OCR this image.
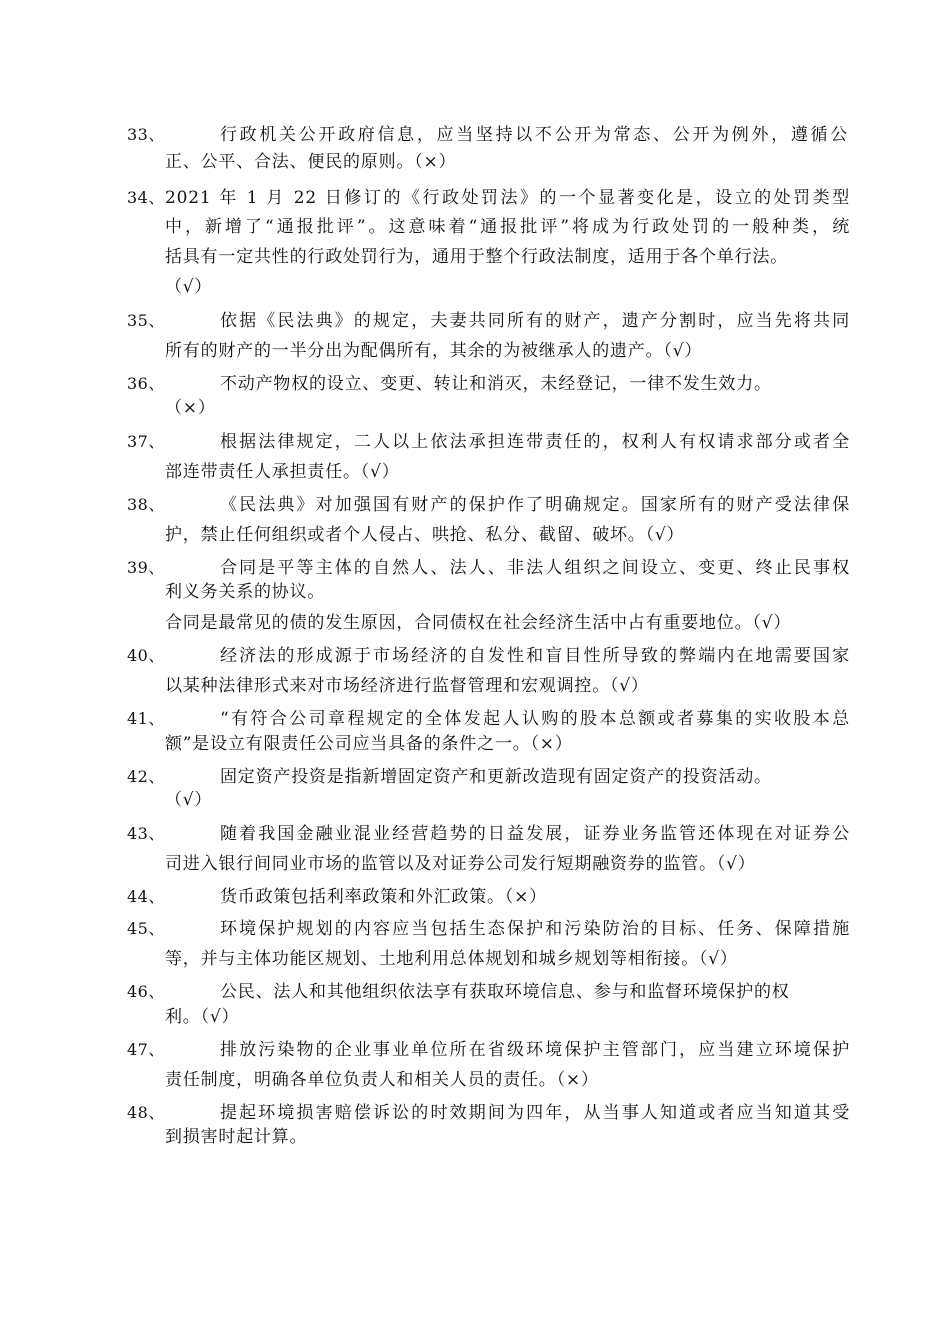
33、	行政机关公开政府信息，应当坚持以不公开为常态、公开为例外，遵循公
正、公平、合法、便民的原则。（×）
34、 2021 年 1 月 22 日修订的《行政处罚法》的一个显著变化是，设立的处罚类型
中，新增了“通报批评”。这意味着“通报批评”将成为行政处罚的一般种类，统
括具有一定共性的行政处罚行为，通用于整个行政法制度，适用于各个单行法。
（√）
35、	依据《民法典》的规定，夫妻共同所有的财产，遗产分割时，应当先将共同
所有的财产的一半分出为配偶所有，其余的为被继承人的遗产。（√）
36、	不动产物权的设立、变更、转让和消灭，未经登记，一律不发生效力。
（×）
37、	根据法律规定，二人以上依法承担连带责任的，权利人有权请求部分或者全
部连带责任人承担责任。（√）
38、	《民法典》对加强国有财产的保护作了明确规定。国家所有的财产受法律保
护，禁止任何组织或者个人侵占、哄抢、私分、截留、破坏。（√）
39、	合同是平等主体的自然人、法人、非法人组织之间设立、变更、终止民事权
利义务关系的协议。
合同是最常见的债的发生原因，合同债权在社会经济生活中占有重要地位。（√）
40、	经济法的形成源于市场经济的自发性和盲目性所导致的弊端内在地需要国家
以某种法律形式来对市场经济进行监督管理和宏观调控。（√）
41、	“有符合公司章程规定的全体发起人认购的股本总额或者募集的实收股本总
额”是设立有限责任公司应当具备的条件之一。（×）
42、	固定资产投资是指新增固定资产和更新改造现有固定资产的投资活动。
（√）
43、	随着我国金融业混业经营趋势的日益发展，证券业务监管还体现在对证券公
司进入银行间同业市场的监管以及对证券公司发行短期融资券的监管。（√）
44、	货币政策包括利率政策和外汇政策。（×）
45、	环境保护规划的内容应当包括生态保护和污染防治的目标、任务、保障措施
等，并与主体功能区规划、土地利用总体规划和城乡规划等相衔接。（√）
46、	公民、法人和其他组织依法享有获取环境信息、参与和监督环境保护的权
利。（√）
47、	排放污染物的企业事业单位所在省级环境保护主管部门，应当建立环境保护
责任制度，明确各单位负责人和相关人员的责任。（×）
48、	提起环境损害赔偿诉讼的时效期间为四年，从当事人知道或者应当知道其受
到损害时起计算。
